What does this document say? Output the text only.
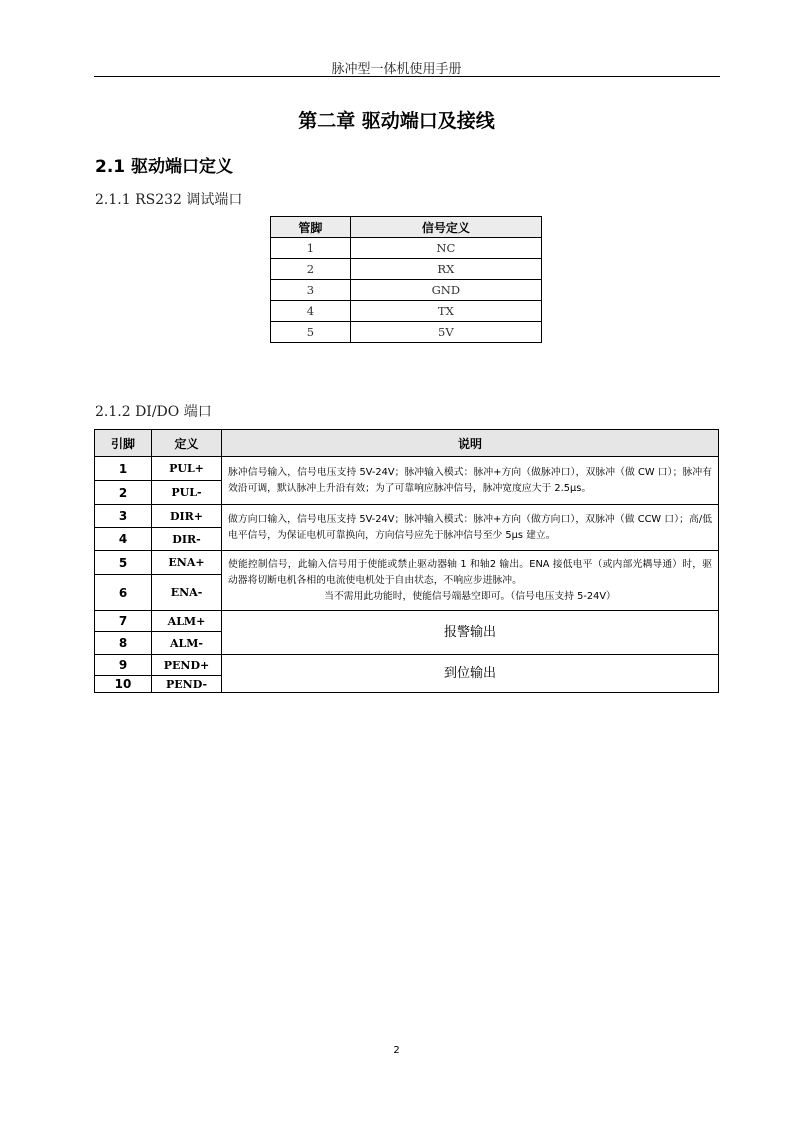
脉冲型一体机使用手册
第二章 驱动端口及接线
2.1 驱动端口定义
2.1.1 RS232 调试端口
管脚	信号定义
1	NC
2	RX
3	GND
4	TX
5	5V
2.1.2 DI/DO 端口
引脚	定义	说明
1	PUL+	脉冲信号输入，信号电压支持 5V-24V；脉冲输入模式：脉冲+方向（做脉冲口），双脉冲（做 CW 口）；脉冲有效沿可调，默认脉冲上升沿有效；为了可靠响应脉冲信号，脉冲宽度应大于 2.5μs。
2	PUL-	
3	DIR+	做方向口输入，信号电压支持 5V-24V；脉冲输入模式：脉冲+方向（做方向口），双脉冲（做 CCW 口）；高/低电平信号，为保证电机可靠换向，方向信号应先于脉冲信号至少 5μs 建立。
4	DIR-	
5	ENA+	使能控制信号，此输入信号用于使能或禁止驱动器轴 1 和轴2 输出。ENA 接低电平（或内部光耦导通）时，驱动器将切断电机各相的电流使电机处于自由状态，不响应步进脉冲。
当不需用此功能时，使能信号端悬空即可。（信号电压支持 5-24V）

6	ENA-	
7	ALM+	报警输出
8	ALM-	
9	PEND+	到位输出
10	PEND-	
2
